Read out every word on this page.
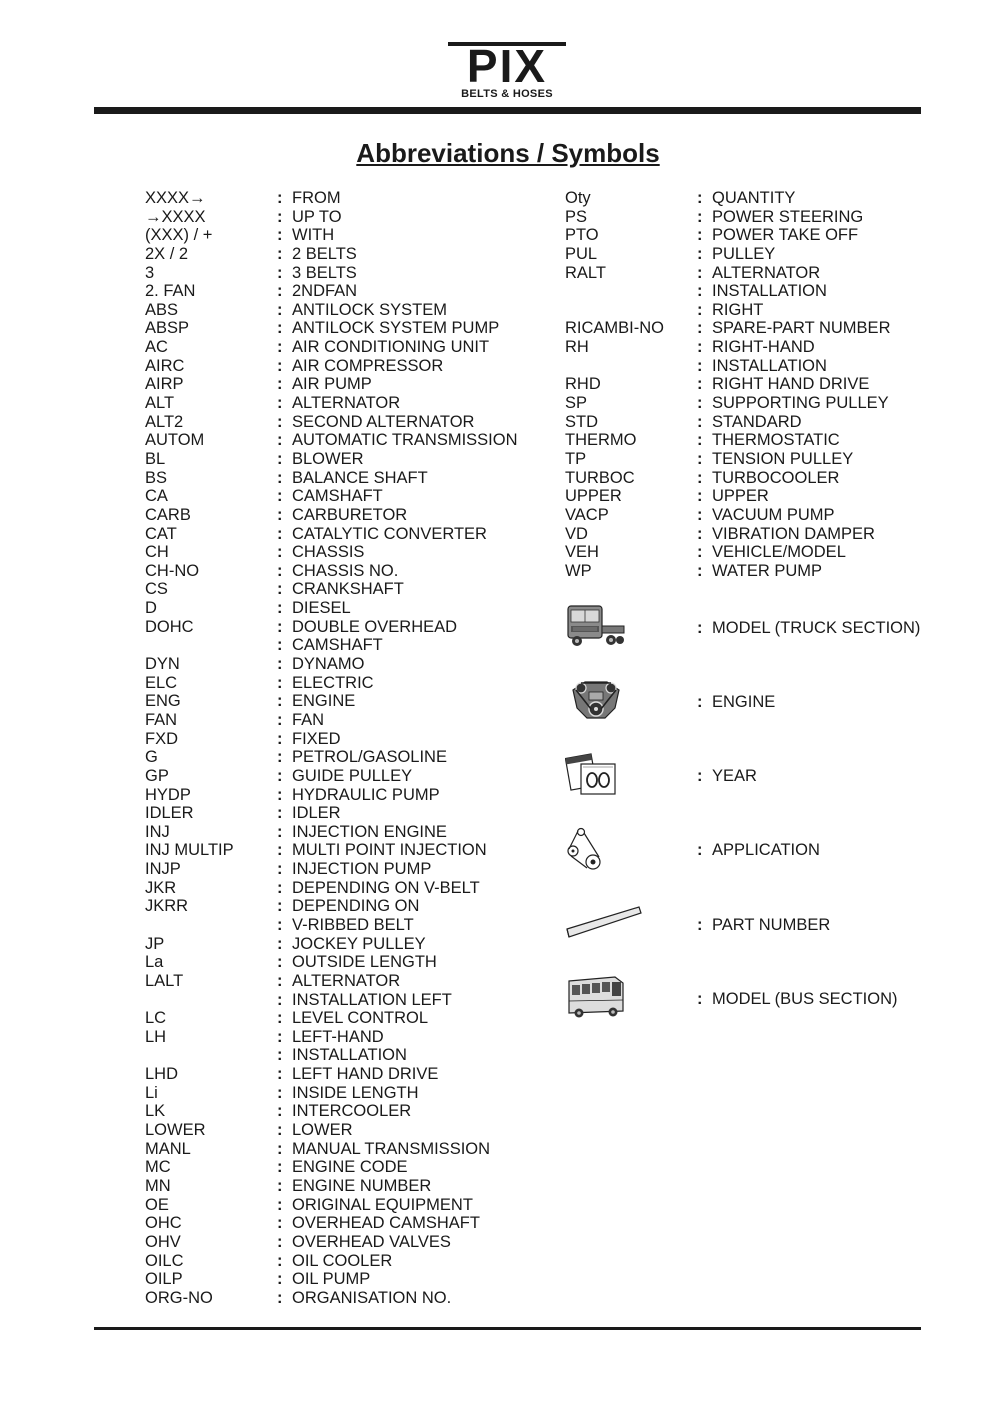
PIX
BELTS & HOSES
Abbreviations / Symbols
XXXX→	: FROM
→XXXX	: UP TO
(XXX) / +	: WITH
2X / 2	: 2 BELTS
3	: 3 BELTS
2. FAN	: 2NDFAN
ABS	: ANTILOCK SYSTEM
ABSP	: ANTILOCK SYSTEM PUMP
AC	: AIR CONDITIONING UNIT
AIRC	: AIR COMPRESSOR
AIRP	: AIR PUMP
ALT	: ALTERNATOR
ALT2	: SECOND ALTERNATOR
AUTOM	: AUTOMATIC TRANSMISSION
BL	: BLOWER
BS	: BALANCE SHAFT
CA	: CAMSHAFT
CARB	: CARBURETOR
CAT	: CATALYTIC CONVERTER
CH	: CHASSIS
CH-NO	: CHASSIS NO.
CS	: CRANKSHAFT
D	: DIESEL
DOHC	: DOUBLE OVERHEAD
: CAMSHAFT
DYN	: DYNAMO
ELC	: ELECTRIC
ENG	: ENGINE
FAN	: FAN
FXD	: FIXED
G	: PETROL/GASOLINE
GP	: GUIDE PULLEY
HYDP	: HYDRAULIC PUMP
IDLER	: IDLER
INJ	: INJECTION ENGINE
INJ MULTIP	: MULTI POINT INJECTION
INJP	: INJECTION PUMP
JKR	: DEPENDING ON V-BELT
JKRR	: DEPENDING ON
: V-RIBBED BELT
JP	: JOCKEY PULLEY
La	: OUTSIDE LENGTH
LALT	: ALTERNATOR
: INSTALLATION LEFT
LC	: LEVEL CONTROL
LH	: LEFT-HAND
: INSTALLATION
LHD	: LEFT HAND DRIVE
Li	: INSIDE LENGTH
LK	: INTERCOOLER
LOWER	: LOWER
MANL	: MANUAL TRANSMISSION
MC	: ENGINE CODE
MN	: ENGINE NUMBER
OE	: ORIGINAL EQUIPMENT
OHC	: OVERHEAD CAMSHAFT
OHV	: OVERHEAD VALVES
OILC	: OIL COOLER
OILP	: OIL PUMP
ORG-NO	: ORGANISATION NO.
Oty	: QUANTITY
PS	: POWER STEERING
PTO	: POWER TAKE OFF
PUL	: PULLEY
RALT	: ALTERNATOR
: INSTALLATION
: RIGHT
RICAMBI-NO : SPARE-PART NUMBER
RH	: RIGHT-HAND
: INSTALLATION
RHD	: RIGHT HAND DRIVE
SP	: SUPPORTING PULLEY
STD	: STANDARD
THERMO	: THERMOSTATIC
TP	: TENSION PULLEY
TURBOC	: TURBOCOOLER
UPPER	: UPPER
VACP	: VACUUM PUMP
VD	: VIBRATION DAMPER
VEH	: VEHICLE/MODEL
WP	: WATER PUMP
: MODEL (TRUCK SECTION)
: ENGINE
: YEAR
: APPLICATION
: PART NUMBER
: MODEL (BUS SECTION)
